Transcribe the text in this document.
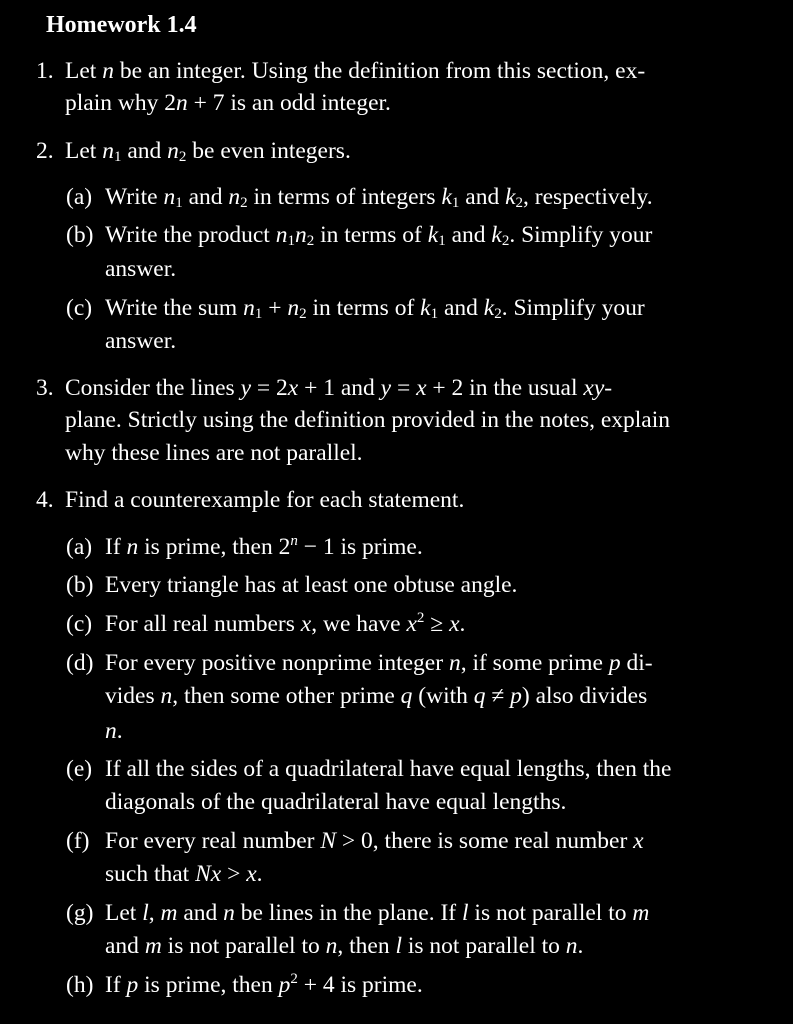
Homework 1.4
1. Let n be an integer. Using the definition from this section, ex-
plain why 2n + 7 is an odd integer.
2. Let $n_1$ and $n_2$ be even integers.
(a) Write $n_1$ and $n_2$ in terms of integers $k_1$ and $k_2$, respectively.
(b) Write the product $n_1n_2$ in terms of $k_1$ and $k_2$. Simplify your
answer.
(c) Write the sum $n_1 + n_2$ in terms of $k_1$ and $k_2$. Simplify your
answer.
3. Consider the lines y = 2x + 1 and y = x + 2 in the usual xy-
plane. Strictly using the definition provided in the notes, explain
why these lines are not parallel.
4. Find a counterexample for each statement.
(a) If n is prime, then $2^n - 1$ is prime.
(b) Every triangle has at least one obtuse angle.
(c) For all real numbers x, we have $x^2 \ge x$.
(d) For every positive nonprime integer n, if some prime p di-
vides n, then some other prime q (with q ≠ p) also divides
n.
(e) If all the sides of a quadrilateral have equal lengths, then the
diagonals of the quadrilateral have equal lengths.
(f) For every real number N > 0, there is some real number x
such that Nx > x.
(g) Let l, m and n be lines in the plane. If l is not parallel to m
and m is not parallel to n, then l is not parallel to n.
(h) If p is prime, then $p^2 + 4$ is prime.
